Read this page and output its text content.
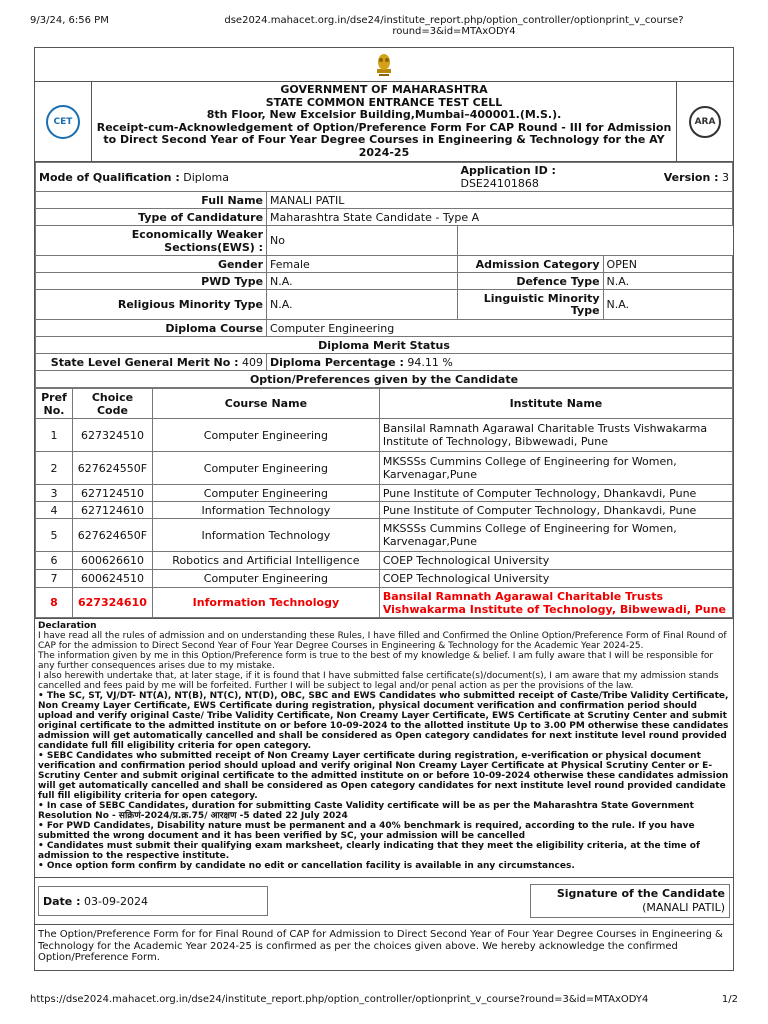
9/3/24, 6:56 PM	dse2024.mahacet.org.in/dse24/institute_report.php/option_controller/optionprint_v_course?round=3&id=MTAxODY4
CET
GOVERNMENT OF MAHARASHTRA
STATE COMMON ENTRANCE TEST CELL
8th Floor, New Excelsior Building,Mumbai–400001.(M.S.).
Receipt-cum-Acknowledgement of Option/Preference Form For CAP Round - III for Admission
to Direct Second Year of Four Year Degree Courses in Engineering & Technology for the AY
2024-25
ARA
Mode of Qualification : Diploma		Application ID : DSE24101868	Version : 3
Full Name	MANALI PATIL		
Type of Candidature	Maharashtra State Candidate - Type A		
Economically Weaker Sections(EWS) :	No		
Gender	Female	Admission Category	OPEN
PWD Type	N.A.	Defence Type	N.A.
Religious Minority Type	N.A.	Linguistic Minority Type	N.A.
Diploma Course	Computer Engineering		
Diploma Merit Status			
State Level General Merit No : 409	Diploma Percentage : 94.11 %		
Option/Preferences given by the Candidate			
Pref No.	Choice Code	Course Name	Institute Name
1	627324510	Computer Engineering	Bansilal Ramnath Agarawal Charitable Trusts Vishwakarma Institute of Technology, Bibwewadi, Pune
2	627624550F	Computer Engineering	MKSSSs Cummins College of Engineering for Women, Karvenagar,Pune
3	627124510	Computer Engineering	Pune Institute of Computer Technology, Dhankavdi, Pune
4	627124610	Information Technology	Pune Institute of Computer Technology, Dhankavdi, Pune
5	627624650F	Information Technology	MKSSSs Cummins College of Engineering for Women, Karvenagar,Pune
6	600626610	Robotics and Artificial Intelligence	COEP Technological University
7	600624510	Computer Engineering	COEP Technological University
8	627324610	Information Technology	Bansilal Ramnath Agarawal Charitable Trusts Vishwakarma Institute of Technology, Bibwewadi, Pune

Declaration

I have read all the rules of admission and on understanding these Rules, I have filled and Confirmed the Online Option/Preference Form of Final Round of CAP for the admission to Direct Second Year of Four Year Degree Courses in Engineering & Technology for the Academic Year 2024-25.

The information given by me in this Option/Preference form is true to the best of my knowledge & belief. I am fully aware that I will be responsible for any further consequences arises due to my mistake.

I also herewith undertake that, at later stage, if it is found that I have submitted false certificate(s)/document(s), I am aware that my admission stands cancelled and fees paid by me will be forfeited. Further I will be subject to legal and/or penal action as per the provisions of the law.

• The SC, ST, VJ/DT- NT(A), NT(B), NT(C), NT(D), OBC, SBC and EWS Candidates who submitted receipt of Caste/Tribe Validity Certificate, Non Creamy Layer Certificate, EWS Certificate during registration, physical document verification and confirmation period should upload and verify original Caste/ Tribe Validity Certificate, Non Creamy Layer Certificate, EWS Certificate at Scrutiny Center and submit original certificate to the admitted institute on or before 10-09-2024 to the allotted institute Up to 3.00 PM otherwise these candidates admission will get automatically cancelled and shall be considered as Open category candidates for next institute level round provided candidate full fill eligibility criteria for open category.

• SEBC Candidates who submitted receipt of Non Creamy Layer certificate during registration, e-verification or physical document verification and confirmation period should upload and verify original Non Creamy Layer Certificate at Physical Scrutiny Center or E-Scrutiny Center and submit original certificate to the admitted institute on or before 10-09-2024 otherwise these candidates admission will get automatically cancelled and shall be considered as Open category candidates for next institute level round provided candidate full fill eligibility criteria for open category.

• In case of SEBC Candidates, duration for submitting Caste Validity certificate will be as per the Maharashtra State Government Resolution No - सक्रिणं-2024/प्र.क्र.75/ आरक्षण -5 dated 22 July 2024

• For PWD Candidates, Disability nature must be permanent and a 40% benchmark is required, according to the rule. If you have submitted the wrong document and it has been verified by SC, your admission will be cancelled

• Candidates must submit their qualifying exam marksheet, clearly indicating that they meet the eligibility criteria, at the time of admission to the respective institute.

• Once option form confirm by candidate no edit or cancellation facility is available in any circumstances.

Date : 03-09-2024
Signature of the Candidate
(MANALI PATIL)
The Option/Preference Form for for Final Round of CAP for Admission to Direct Second Year of Four Year Degree Courses in Engineering & Technology for the Academic Year 2024-25 is confirmed as per the choices given above. We hereby acknowledge the confirmed Option/Preference Form.
https://dse2024.mahacet.org.in/dse24/institute_report.php/option_controller/optionprint_v_course?round=3&id=MTAxODY4	1/2
